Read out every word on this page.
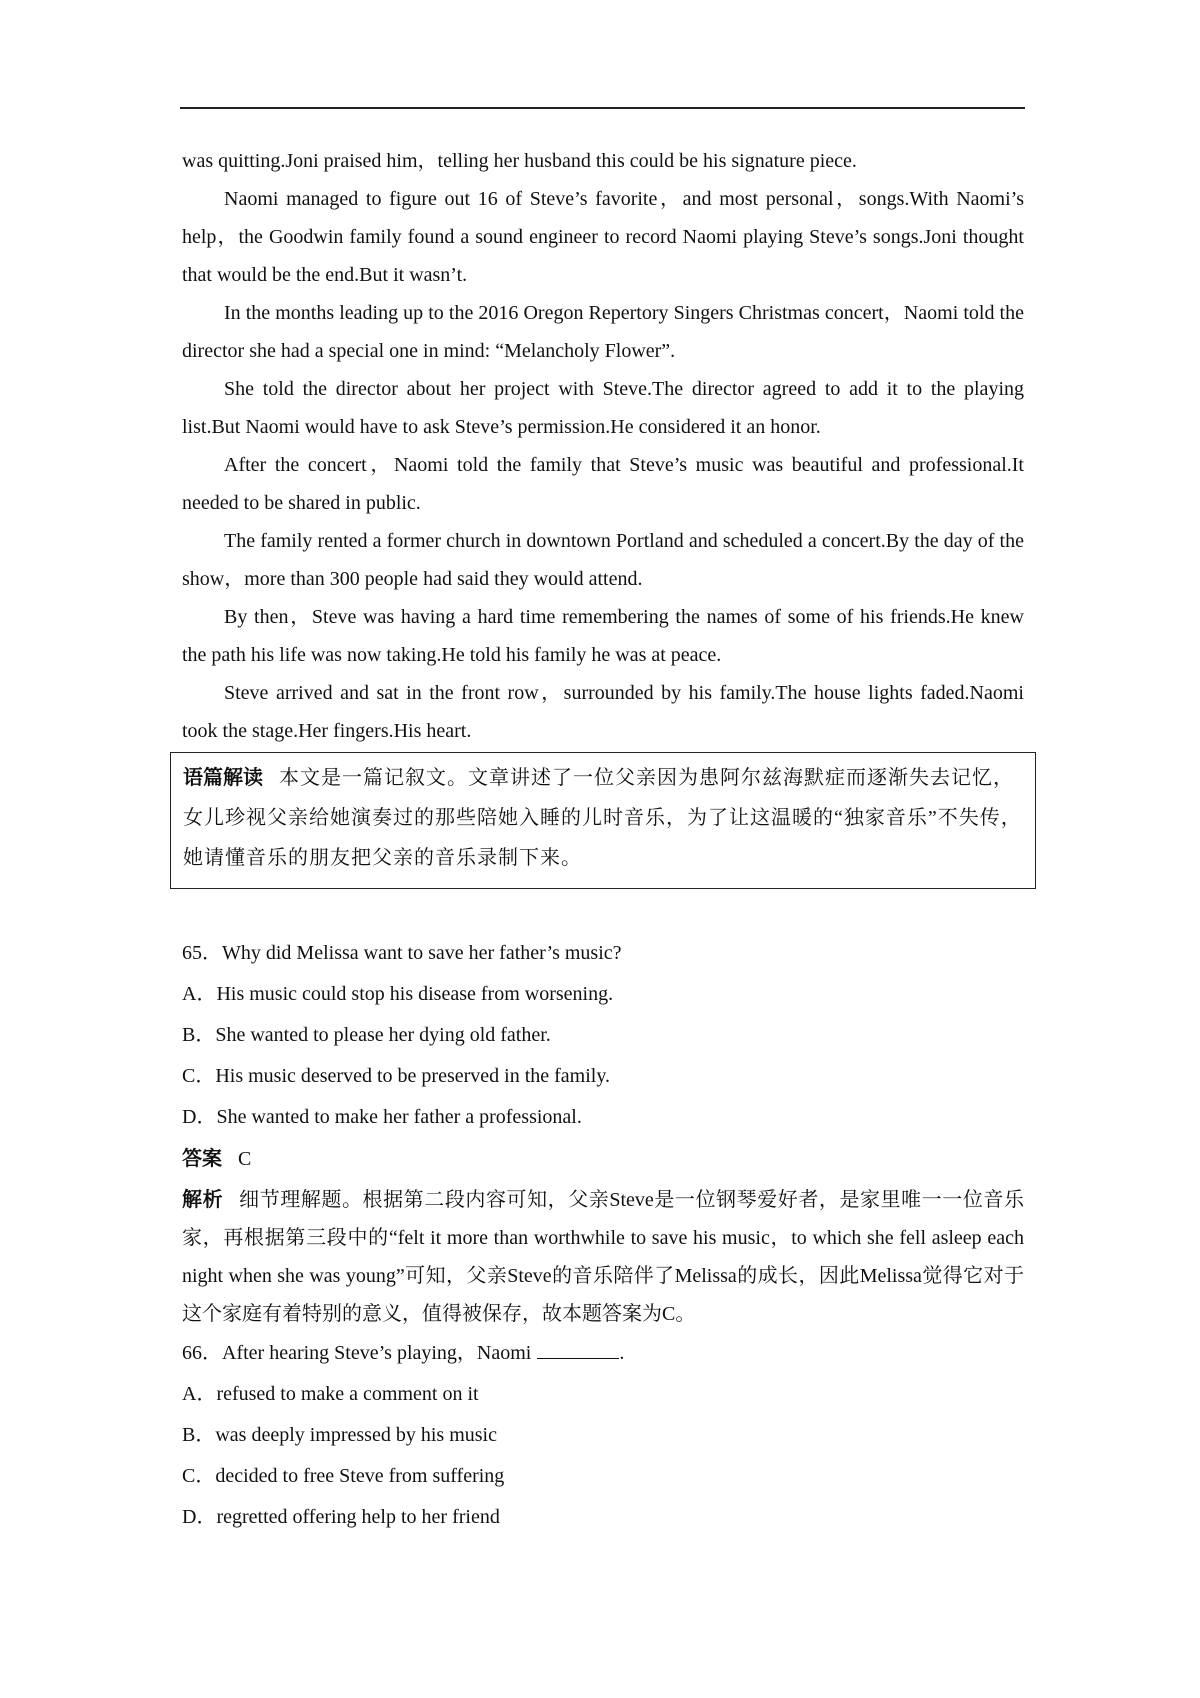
was quitting.Joni praised him，telling her husband this could be his signature piece.

Naomi managed to figure out 16 of Steve’s favorite，and most personal，songs.With Naomi’s help，the Goodwin family found a sound engineer to record Naomi playing Steve’s songs.Joni thought that would be the end.But it wasn’t.

In the months leading up to the 2016 Oregon Repertory Singers Christmas concert，Naomi told the director she had a special one in mind: “Melancholy Flower”.

She told the director about her project with Steve.The director agreed to add it to the playing list.But Naomi would have to ask Steve’s permission.He considered it an honor.

After the concert，Naomi told the family that Steve’s music was beautiful and professional.It needed to be shared in public.

The family rented a former church in downtown Portland and scheduled a concert.By the day of the show，more than 300 people had said they would attend.

By then，Steve was having a hard time remembering the names of some of his friends.He knew the path his life was now taking.He told his family he was at peace.

Steve arrived and sat in the front row，surrounded by his family.The house lights faded.Naomi took the stage.Her fingers.His heart.

语篇解读 本文是一篇记叙文。文章讲述了一位父亲因为患阿尔兹海默症而逐渐失去记忆，女儿珍视父亲给她演奏过的那些陪她入睡的儿时音乐，为了让这温暖的“独家音乐”不失传，她请懂音乐的朋友把父亲的音乐录制下来。

65．Why did Melissa want to save her father’s music?

A．His music could stop his disease from worsening.

B．She wanted to please her dying old father.

C．His music deserved to be preserved in the family.

D．She wanted to make her father a professional.

答案 C

解析 细节理解题。根据第二段内容可知，父亲Steve是一位钢琴爱好者，是家里唯一一位音乐家，再根据第三段中的“felt it more than worthwhile to save his music，to which she fell asleep each night when she was young”可知，父亲Steve的音乐陪伴了Melissa的成长，因此Melissa觉得它对于这个家庭有着特别的意义，值得被保存，故本题答案为C。

66．After hearing Steve’s playing，Naomi	.

A．refused to make a comment on it

B．was deeply impressed by his music

C．decided to free Steve from suffering

D．regretted offering help to her friend
